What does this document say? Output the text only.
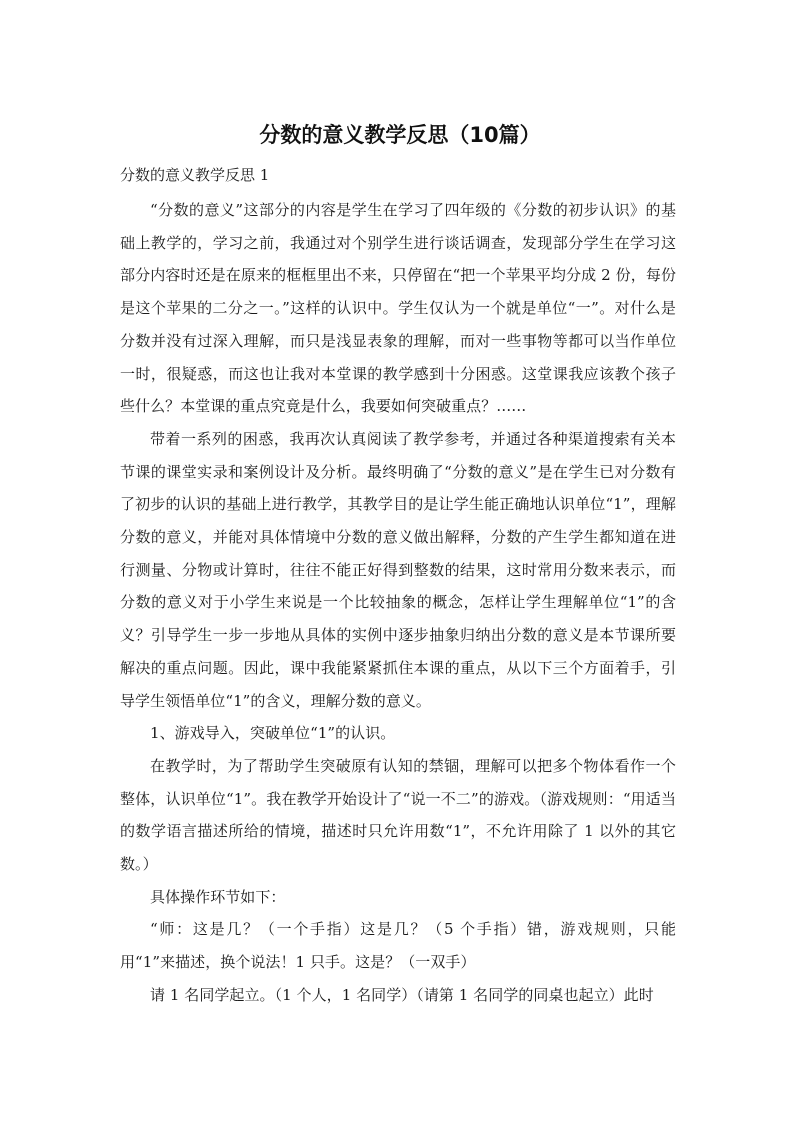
分数的意义教学反思（10篇）

分数的意义教学反思 1

“分数的意义”这部分的内容是学生在学习了四年级的《分数的初步认识》的基础上教学的，学习之前，我通过对个别学生进行谈话调查，发现部分学生在学习这部分内容时还是在原来的框框里出不来，只停留在“把一个苹果平均分成 2 份，每份是这个苹果的二分之一。”这样的认识中。学生仅认为一个就是单位“一”。对什么是分数并没有过深入理解，而只是浅显表象的理解，而对一些事物等都可以当作单位一时，很疑惑，而这也让我对本堂课的教学感到十分困惑。这堂课我应该教个孩子些什么？本堂课的重点究竟是什么，我要如何突破重点？……

带着一系列的困惑，我再次认真阅读了教学参考，并通过各种渠道搜索有关本节课的课堂实录和案例设计及分析。最终明确了“分数的意义”是在学生已对分数有了初步的认识的基础上进行教学，其教学目的是让学生能正确地认识单位“1”，理解分数的意义，并能对具体情境中分数的意义做出解释，分数的产生学生都知道在进行测量、分物或计算时，往往不能正好得到整数的结果，这时常用分数来表示，而分数的意义对于小学生来说是一个比较抽象的概念，怎样让学生理解单位“1”的含义？引导学生一步一步地从具体的实例中逐步抽象归纳出分数的意义是本节课所要解决的重点问题。因此，课中我能紧紧抓住本课的重点，从以下三个方面着手，引导学生领悟单位“1”的含义，理解分数的意义。

1、游戏导入，突破单位“1”的认识。

在教学时，为了帮助学生突破原有认知的禁锢，理解可以把多个物体看作一个整体，认识单位“1”。我在教学开始设计了“说一不二”的游戏。（游戏规则：“用适当的数学语言描述所给的情境，描述时只允许用数“1”，不允许用除了 1 以外的其它数。）

具体操作环节如下：

“师：这是几？（一个手指）这是几？（5 个手指）错，游戏规则，只能用“1”来描述，换个说法！1 只手。这是？（一双手）

请 1 名同学起立。（1 个人，1 名同学）（请第 1 名同学的同桌也起立）此时
